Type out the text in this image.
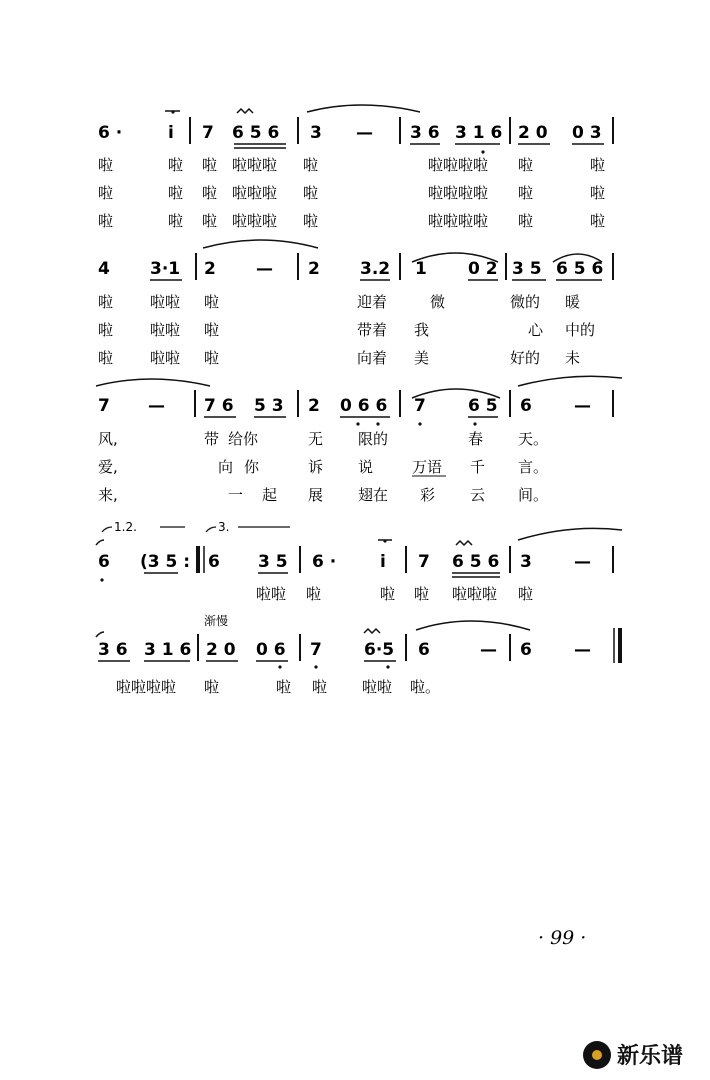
6 ·	i 7 6 5 6 3 — 3 6 3 1 6 2 0 0 3
啦	啦 啦 啦啦啦 啦	啦啦啦啦 啦	啦
啦	啦 啦 啦啦啦 啦	啦啦啦啦 啦	啦
啦	啦 啦 啦啦啦 啦	啦啦啦啦 啦	啦
4 3·1 2 — 2 3.2 1 0 2 3 5 6 5 6
啦 啦啦 啦	迎着	微	微的 暖
啦 啦啦 啦	带着 我	心 中的
啦 啦啦 啦	向着 美	好的 未
7 — 7 6 5 3 2 0 6 6 7 6 5 6 —
风,	带 给你	无 限的	春 天。
爱,	向 你	诉 说	万语 千 言。
来,	一 起 展 翅在 彩 云 间。
1.2.	3.
6 (3 5 : 6 3 5 6 ·	i 7 6 5 6 3 —
啦啦 啦	啦 啦 啦啦啦 啦
渐慢
3 6 3 1 6 2 0 0 6 7 6·5 6	— 6 —
啦啦啦啦 啦	啦 啦 啦啦 啦。
· 99 ·
新乐谱
